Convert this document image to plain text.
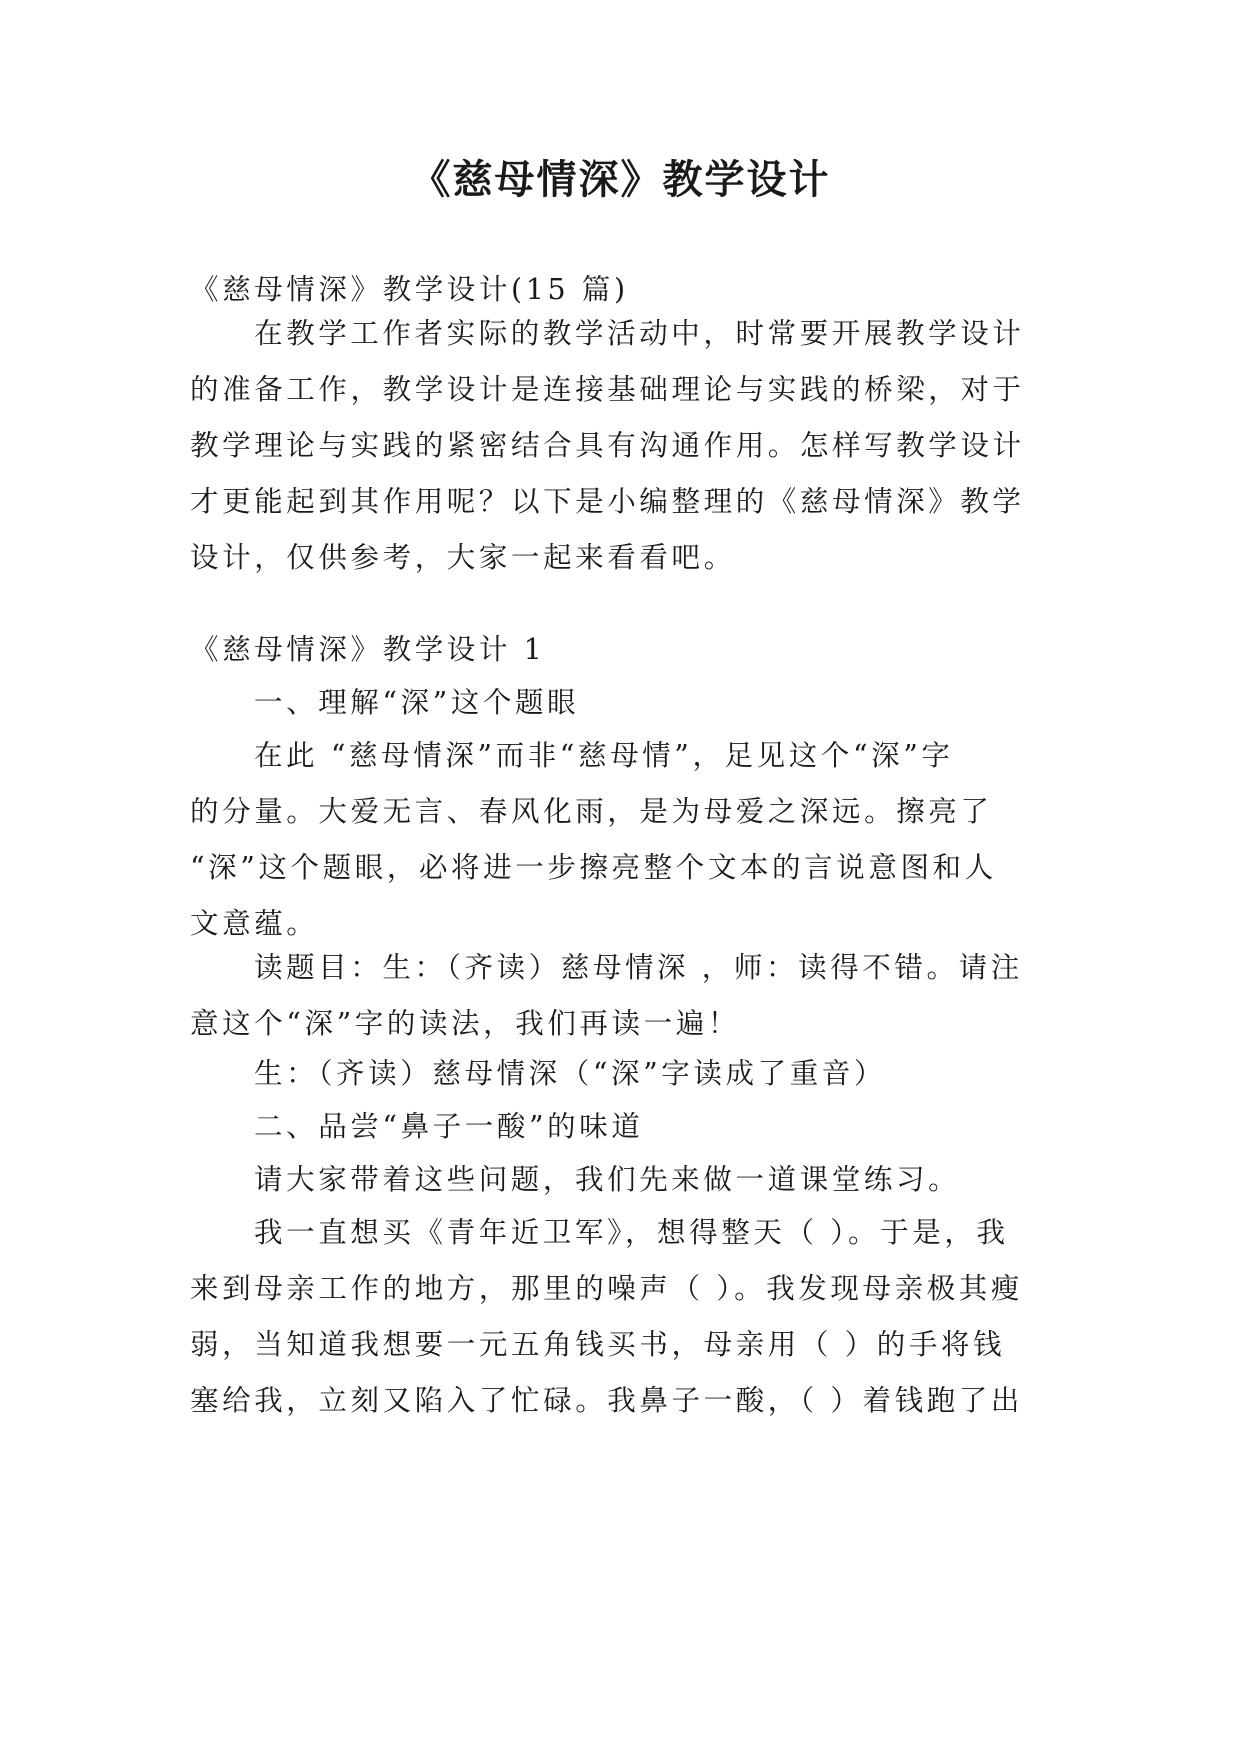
《慈母情深》教学设计

《慈母情深》教学设计(15 篇)

在教学工作者实际的教学活动中，时常要开展教学设计
的准备工作，教学设计是连接基础理论与实践的桥梁，对于
教学理论与实践的紧密结合具有沟通作用。怎样写教学设计
才更能起到其作用呢？以下是小编整理的《慈母情深》教学
设计，仅供参考，大家一起来看看吧。

《慈母情深》教学设计 1

一、理解“深”这个题眼

在此 “慈母情深”而非“慈母情”，足见这个“深”字
的分量。大爱无言、春风化雨，是为母爱之深远。擦亮了
“深”这个题眼，必将进一步擦亮整个文本的言说意图和人
文意蕴。
读题目：生：（齐读）慈母情深 ，师：读得不错。请注
意这个“深”字的读法，我们再读一遍！

生：（齐读）慈母情深（“深”字读成了重音）

二、品尝“鼻子一酸”的味道

请大家带着这些问题，我们先来做一道课堂练习。

我一直想买《青年近卫军》，想得整天（ ）。于是，我
来到母亲工作的地方，那里的噪声（ ）。我发现母亲极其瘦
弱，当知道我想要一元五角钱买书，母亲用（ ）的手将钱
塞给我，立刻又陷入了忙碌。我鼻子一酸，（ ）着钱跑了出
